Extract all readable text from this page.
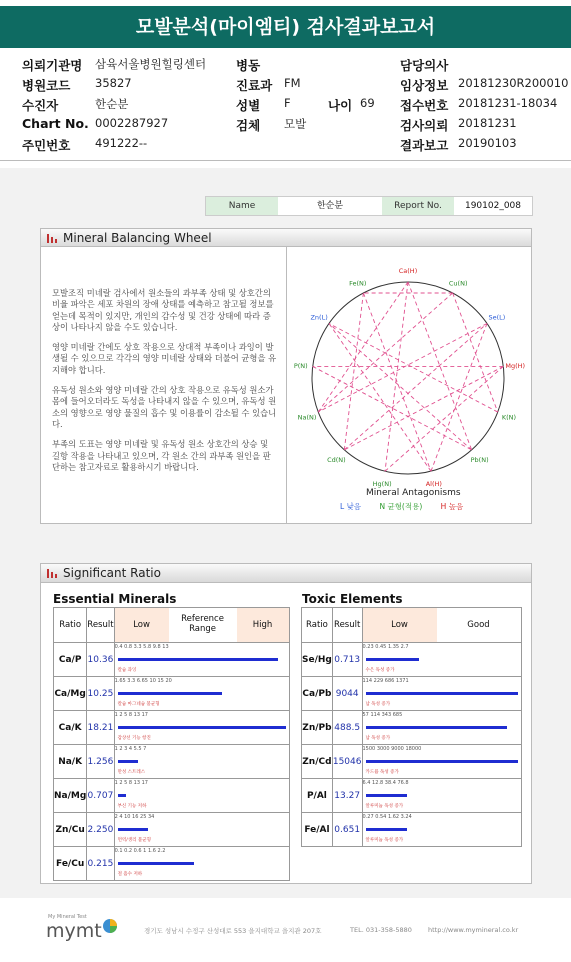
모발분석(마이엠티) 검사결과보고서
의뢰기관명 삼육서울병원힐링센터 병동	담당의사
병원코드 35827	진료과 FM	임상정보 20181230R200010
수진자	한순분	성별 F	나이 69 접수번호 20181231-18034
Chart No. 0002287927	검체 모발	검사의뢰 20181231
주민번호 491222--	결과보고 20190103
Name	한순분	Report No.	190102_008
Mineral Balancing Wheel

모발조직 미네랄 검사에서 원소들의 과부족 상태 및 상호간의 비율 파악은 세포 차원의 장애 상태를 예측하고 참고될 정보를 얻는데 목적이 있지만, 개인의 감수성 및 건강 상태에 따라 증상이 나타나지 않을 수도 있습니다.

영양 미네랄 간에도 상호 작용으로 상대적 부족이나 과잉이 발생될 수 있으므로 각각의 영양 미네랄 상태와 더불어 균형을 유지해야 합니다.

유독성 원소와 영양 미네랄 간의 상호 작용으로 유독성 원소가 몸에 들어오더라도 독성을 나타내지 않을 수 있으며, 유독성 원소의 영향으로 영양 물질의 흡수 및 이용률이 감소될 수 있습니다.

부족의 도표는 영양 미네랄 및 유독성 원소 상호간의 상승 및 길항 작용을 나타내고 있으며, 각 원소 간의 과부족 원인을 판단하는 참고자료로 활용하시기 바랍니다.

Ca(H)
Cu(N)
Se(L)
Mg(H)
K(N)
Pb(N)
Al(H)
Hg(N)
Cd(N)
Na(N)
P(N)
Zn(L)
Fe(N)
Mineral Antagonisms
L 낮음 N 균형(적용) H 높음
Significant Ratio
Essential Minerals	Toxic Elements
Ratio	Result	Low
Reference Range High

Ca/P	10.36	0.4 0.8 3.3 5.8 9.8 13
칼슘 과잉

Ca/Mg	10.25	1.65 3.3 6.65 10 15 20
칼슘 마그네슘 불균형

Ca/K	18.21	1 2 5 8 13 17
갑상선 기능 항진

Na/K	1.256	1 2 3 4 5.5 7
만성 스트레스

Na/Mg	0.707	1 2 5 8 13 17
부신 기능 저하

Zn/Cu	2.250	2 4 10 16 25 34
면역/생리 불균형

Fe/Cu	0.215	0.1 0.2 0.6 1 1.6 2.2
철 흡수 저하
Ratio	Result	Low Good

Se/Hg	0.713	0.23 0.45 1.35 2.7
수은 독성 증가

Ca/Pb	9044	114 229 686 1371
납 독성 증가

Zn/Pb	488.5	57 114 343 685
납 독성 증가

Zn/Cd	15046	1500 3000 9000 18000
카드뮴 독성 증가

P/Al	13.27	6.4 12.8 38.4 76.8
알루미늄 독성 증가

Fe/Al	0.651	0.27 0.54 1.62 3.24
알루미늄 독성 증가
My Mineral Test
mymt	경기도 성남시 수정구 산성대로 553 을지대학교 을지관 207호	TEL. 031-358-5880 http://www.mymineral.co.kr
